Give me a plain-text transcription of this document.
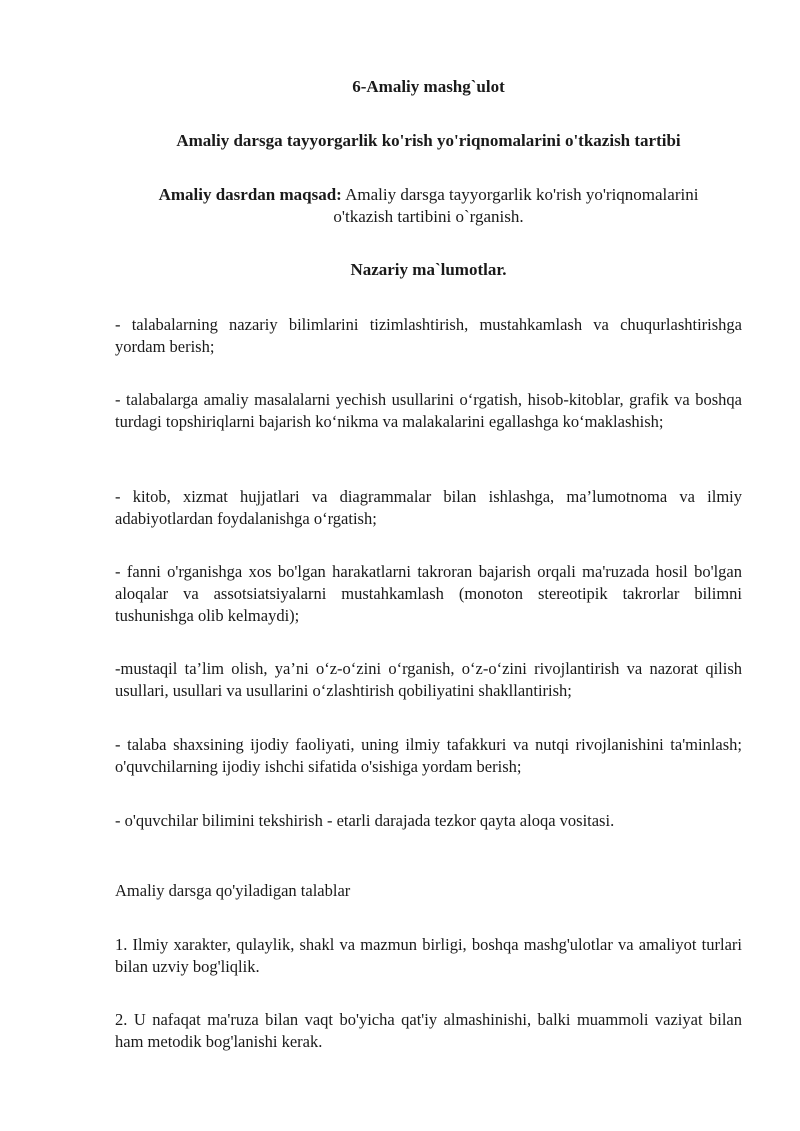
6-Amaliy mashg`ulot
Amaliy darsga tayyorgarlik ko'rish yo'riqnomalarini o'tkazish tartibi
Amaliy dasrdan maqsad: Amaliy darsga tayyorgarlik ko'rish yo'riqnomalarini
o'tkazish tartibini o`rganish.
Nazariy ma`lumotlar.
- talabalarning nazariy bilimlarini tizimlashtirish, mustahkamlash va chuqurlashtirishga yordam berish;
- talabalarga amaliy masalalarni yechish usullarini o‘rgatish, hisob-kitoblar, grafik va boshqa turdagi topshiriqlarni bajarish ko‘nikma va malakalarini egallashga ko‘maklashish;
- kitob, xizmat hujjatlari va diagrammalar bilan ishlashga, ma’lumotnoma va ilmiy adabiyotlardan foydalanishga o‘rgatish;
- fanni o'rganishga xos bo'lgan harakatlarni takroran bajarish orqali ma'ruzada hosil bo'lgan aloqalar va assotsiatsiyalarni mustahkamlash (monoton stereotipik takrorlar bilimni tushunishga olib kelmaydi);
-mustaqil ta’lim olish, ya’ni o‘z-o‘zini o‘rganish, o‘z-o‘zini rivojlantirish va nazorat qilish usullari, usullari va usullarini o‘zlashtirish qobiliyatini shakllantirish;
- talaba shaxsining ijodiy faoliyati, uning ilmiy tafakkuri va nutqi rivojlanishini ta'minlash; o'quvchilarning ijodiy ishchi sifatida o'sishiga yordam berish;
- o'quvchilar bilimini tekshirish - etarli darajada tezkor qayta aloqa vositasi.
Amaliy darsga qo'yiladigan talablar
1. Ilmiy xarakter, qulaylik, shakl va mazmun birligi, boshqa mashg'ulotlar va amaliyot turlari bilan uzviy bog'liqlik.
2. U nafaqat ma'ruza bilan vaqt bo'yicha qat'iy almashinishi, balki muammoli vaziyat bilan ham metodik bog'lanishi kerak.
